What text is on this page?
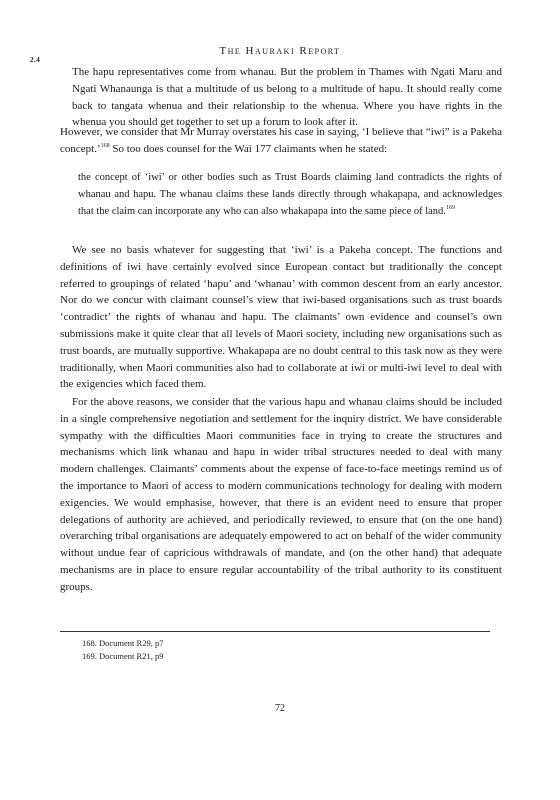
2.4
The Hauraki Report

The hapu representatives come from whanau. But the problem in Thames with Ngati Maru and Ngati Whanaunga is that a multitude of us belong to a multitude of hapu. It should really come back to tangata whenua and their relationship to the whenua. Where you have rights in the whenua you should get together to set up a forum to look after it.

However, we consider that Mr Murray overstates his case in saying, ‘I believe that “iwi” is a Pakeha concept.’$^{168}$ So too does counsel for the Wai 177 claimants when he stated:

the concept of ‘iwi’ or other bodies such as Trust Boards claiming land contradicts the rights of whanau and hapu. The whanau claims these lands directly through whakapapa, and acknowledges that the claim can incorporate any who can also whakapapa into the same piece of land.$^{169}$

We see no basis whatever for suggesting that ‘iwi’ is a Pakeha concept. The functions and definitions of iwi have certainly evolved since European contact but traditionally the concept referred to groupings of related ‘hapu’ and ‘whanau’ with common descent from an early ancestor. Nor do we concur with claimant counsel’s view that iwi-based organisations such as trust boards ‘contradict’ the rights of whanau and hapu. The claimants’ own evidence and counsel’s own submissions make it quite clear that all levels of Maori society, including new organisations such as trust boards, are mutually supportive. Whakapapa are no doubt central to this task now as they were traditionally, when Maori communities also had to collaborate at iwi or multi-iwi level to deal with the exigencies which faced them.

For the above reasons, we consider that the various hapu and whanau claims should be included in a single comprehensive negotiation and settlement for the inquiry district. We have considerable sympathy with the difficulties Maori communities face in trying to create the structures and mechanisms which link whanau and hapu in wider tribal structures needed to deal with many modern challenges. Claimants’ comments about the expense of face-to-face meetings remind us of the importance to Maori of access to modern communications technology for dealing with modern exigencies. We would emphasise, however, that there is an evident need to ensure that proper delegations of authority are achieved, and periodically reviewed, to ensure that (on the one hand) overarching tribal organisations are adequately empowered to act on behalf of the wider community without undue fear of capricious withdrawals of mandate, and (on the other hand) that adequate mechanisms are in place to ensure regular accountability of the tribal authority to its constituent groups.

168. Document R29, p7
169. Document R21, p9
72
